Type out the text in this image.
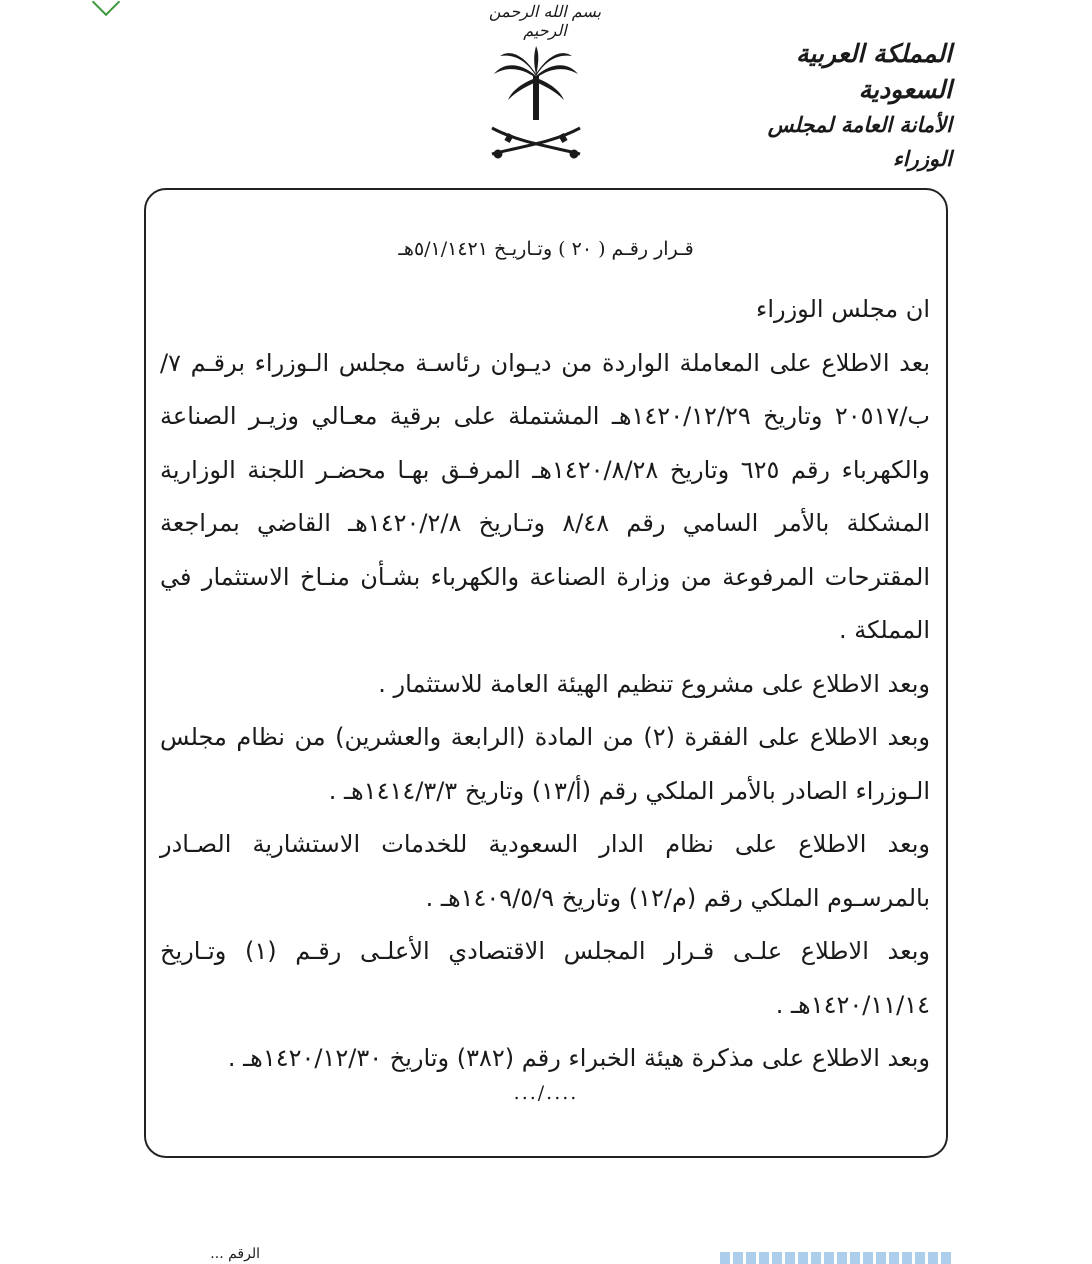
بسم الله الرحمن الرحيم
المملكة العربية السعودية
الأمانة العامة لمجلس الوزراء
قـرار رقـم ( ٢٠ ) وتـاريـخ ٥/١/١٤٢١هـ

ان مجلس الوزراء

بعد الاطلاع على المعاملة الواردة من ديـوان رئاسـة مجلس الـوزراء برقـم ٧/ب/٢٠٥١٧ وتاريخ ١٤٢٠/١٢/٢٩هـ المشتملة على برقية معـالي وزيـر الصناعة والكهرباء رقم ٦٢٥ وتاريخ ١٤٢٠/٨/٢٨هـ المرفـق بهـا محضـر اللجنة الوزارية المشكلة بالأمر السامي رقم ٨/٤٨ وتـاريخ ١٤٢٠/٢/٨هـ القاضي بمراجعة المقترحات المرفوعة من وزارة الصناعة والكهرباء بشـأن منـاخ الاستثمار في المملكة .

وبعد الاطلاع على مشروع تنظيم الهيئة العامة للاستثمار .

وبعد الاطلاع على الفقرة (٢) من المادة (الرابعة والعشرين) من نظام مجلس الـوزراء الصادر بالأمر الملكي رقم (أ/١٣) وتاريخ ١٤١٤/٣/٣هـ .

وبعد الاطلاع على نظام الدار السعودية للخدمات الاستشارية الصـادر بالمرسـوم الملكي رقم (م/١٢) وتاريخ ١٤٠٩/٥/٩هـ .

وبعد الاطلاع علـى قـرار المجلس الاقتصادي الأعلـى رقـم (١) وتـاريخ ١٤٢٠/١١/١٤هـ .

وبعد الاطلاع على مذكرة هيئة الخبراء رقم (٣٨٢) وتاريخ ١٤٢٠/١٢/٣٠هـ .

..../...
الرقم ...
